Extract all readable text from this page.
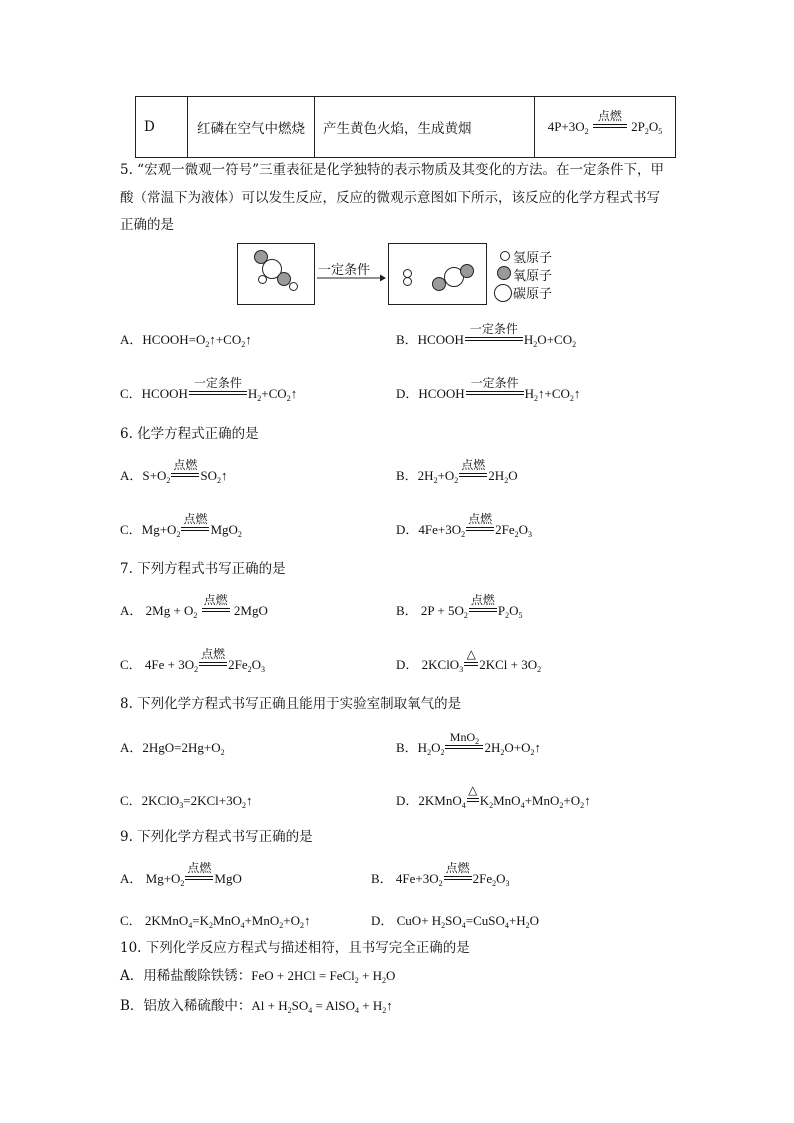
D	红磷在空气中燃烧	产生黄色火焰，生成黄烟	$4P+3O_2$
点燃
$2P_2O_5$
5. “宏观一微观一符号”三重表征是化学独特的表示物质及其变化的方法。在一定条件下，甲
酸（常温下为液体）可以发生反应，反应的微观示意图如下所示，该反应的化学方程式书写
正确的是
一定条件
氢原子
氧原子
碳原子
A．$HCOOH=O_2↑+CO_2↑$	B．HCOOH
一定条件
$H_2O+CO_2$
C．HCOOH
一定条件
$H_2+CO_2↑$	D．HCOOH
一定条件
$H_2↑+CO_2↑$
6. 化学方程式正确的是
A．$S+O_2$
点燃
$SO_2↑$	B．$2H_2+O_2$
点燃
$2H_2O$
C．$Mg+O_2$
点燃
MgO$_2$	D．$4Fe+3O_2$
点燃
$2Fe_2O_3$
7. 下列方程式书写正确的是
A． $2Mg + O_2$
点燃
2MgO	B． $2P + 5O_2$
点燃
$P_2O_5$
C． $4Fe + 3O_2$
点燃
$2Fe_2O_3$	D． 2KClO$_3$
△
$2KCl + 3O_2$
8. 下列化学方程式书写正确且能用于实验室制取氧气的是
A．$2HgO=2Hg+O_2$	B．$H_2O_2$
MnO$_2$ $2H_2O+O_2↑$
C．$2KClO_3=2KCl+3O_2↑$	D．2KMnO$_4$
△
$K_2MnO_4+MnO_2+O_2↑$
9. 下列化学方程式书写正确的是
A． $Mg+O_2$
点燃
MgO	B． $4Fe+3O_2$
点燃
$2Fe_2O_3$
C． $2KMnO_4=K_2MnO_4+MnO_2+O_2↑$	D． $CuO+ H_2SO_4=CuSO_4+H_2O$
10. 下列化学反应方程式与描述相符，且书写完全正确的是
A．用稀盐酸除铁锈：FeO + 2HCl = FeCl$_2$ + $H_2O$
B．铝放入稀硫酸中：$Al + H_2SO_4$ = AlSO$_4$ + $H_2↑$
